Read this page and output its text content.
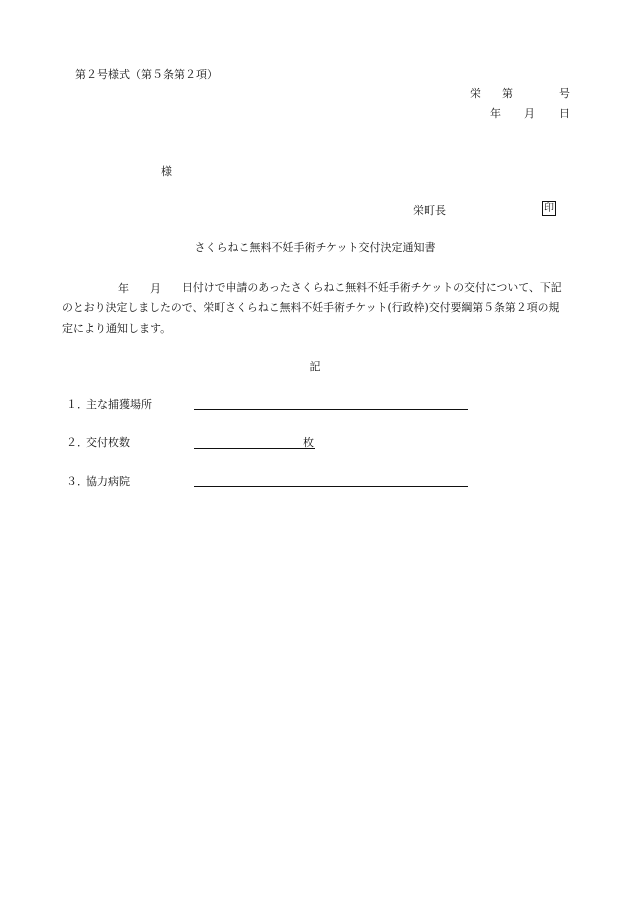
第２号様式（第５条第２項）
栄 第	号
年 月 日
様
栄町長	印
さくらねこ無料不妊手術チケット交付決定通知書
年 月 日付けで申請のあったさくらねこ無料不妊手術チケットの交付について、下記
のとおり決定しましたので、栄町さくらねこ無料不妊手術チケット(行政枠)交付要綱第５条第２項の規
定により通知します。
記
１．
主な捕獲場所
２．
交付枚数	枚
３．
協力病院
